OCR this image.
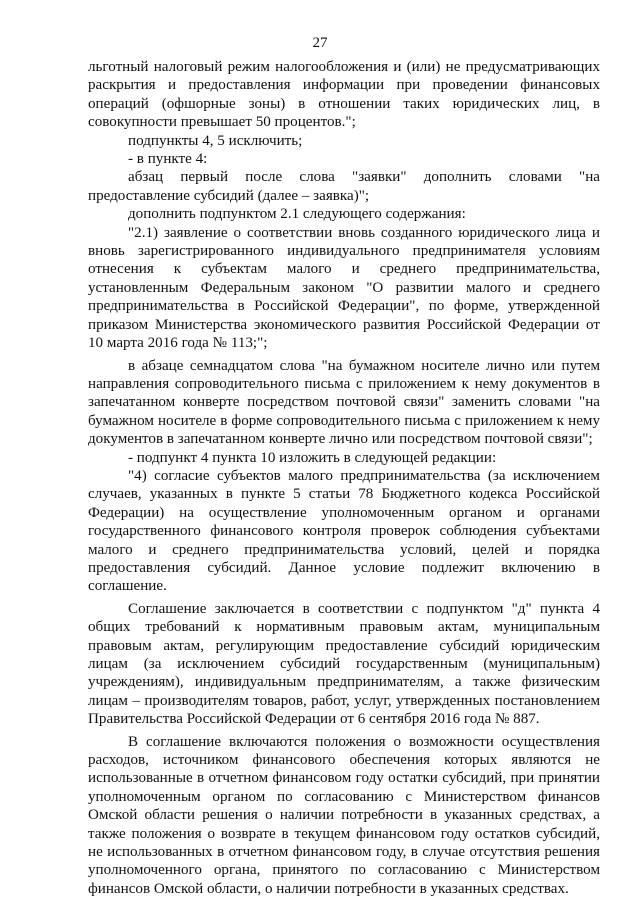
27

льготный налоговый режим налогообложения и (или) не предусматривающих раскрытия и предоставления информации при проведении финансовых операций (офшорные зоны) в отношении таких юридических лиц, в совокупности превышает 50 процентов.";

подпункты 4, 5 исключить;

- в пункте 4:

абзац первый после слова "заявки" дополнить словами "на предоставление субсидий (далее – заявка)";

дополнить подпунктом 2.1 следующего содержания:

"2.1) заявление о соответствии вновь созданного юридического лица и вновь зарегистрированного индивидуального предпринимателя условиям отнесения к субъектам малого и среднего предпринимательства, установленным Федеральным законом "О развитии малого и среднего предпринимательства в Российской Федерации", по форме, утвержденной приказом Министерства экономического развития Российской Федерации от 10 марта 2016 года № 113;";

в абзаце семнадцатом слова "на бумажном носителе лично или путем направления сопроводительного письма с приложением к нему документов в запечатанном конверте посредством почтовой связи" заменить словами "на бумажном носителе в форме сопроводительного письма с приложением к нему документов в запечатанном конверте лично или посредством почтовой связи";

- подпункт 4 пункта 10 изложить в следующей редакции:

"4) согласие субъектов малого предпринимательства (за исключением случаев, указанных в пункте 5 статьи 78 Бюджетного кодекса Российской Федерации) на осуществление уполномоченным органом и органами государственного финансового контроля проверок соблюдения субъектами малого и среднего предпринимательства условий, целей и порядка предоставления субсидий. Данное условие подлежит включению в соглашение.

Соглашение заключается в соответствии с подпунктом "д" пункта 4 общих требований к нормативным правовым актам, муниципальным правовым актам, регулирующим предоставление субсидий юридическим лицам (за исключением субсидий государственным (муниципальным) учреждениям), индивидуальным предпринимателям, а также физическим лицам – производителям товаров, работ, услуг, утвержденных постановлением Правительства Российской Федерации от 6 сентября 2016 года № 887.

В соглашение включаются положения о возможности осуществления расходов, источником финансового обеспечения которых являются не использованные в отчетном финансовом году остатки субсидий, при принятии уполномоченным органом по согласованию с Министерством финансов Омской области решения о наличии потребности в указанных средствах, а также положения о возврате в текущем финансовом году остатков субсидий, не использованных в отчетном финансовом году, в случае отсутствия решения уполномоченного органа, принятого по согласованию с Министерством финансов Омской области, о наличии потребности в указанных средствах.
